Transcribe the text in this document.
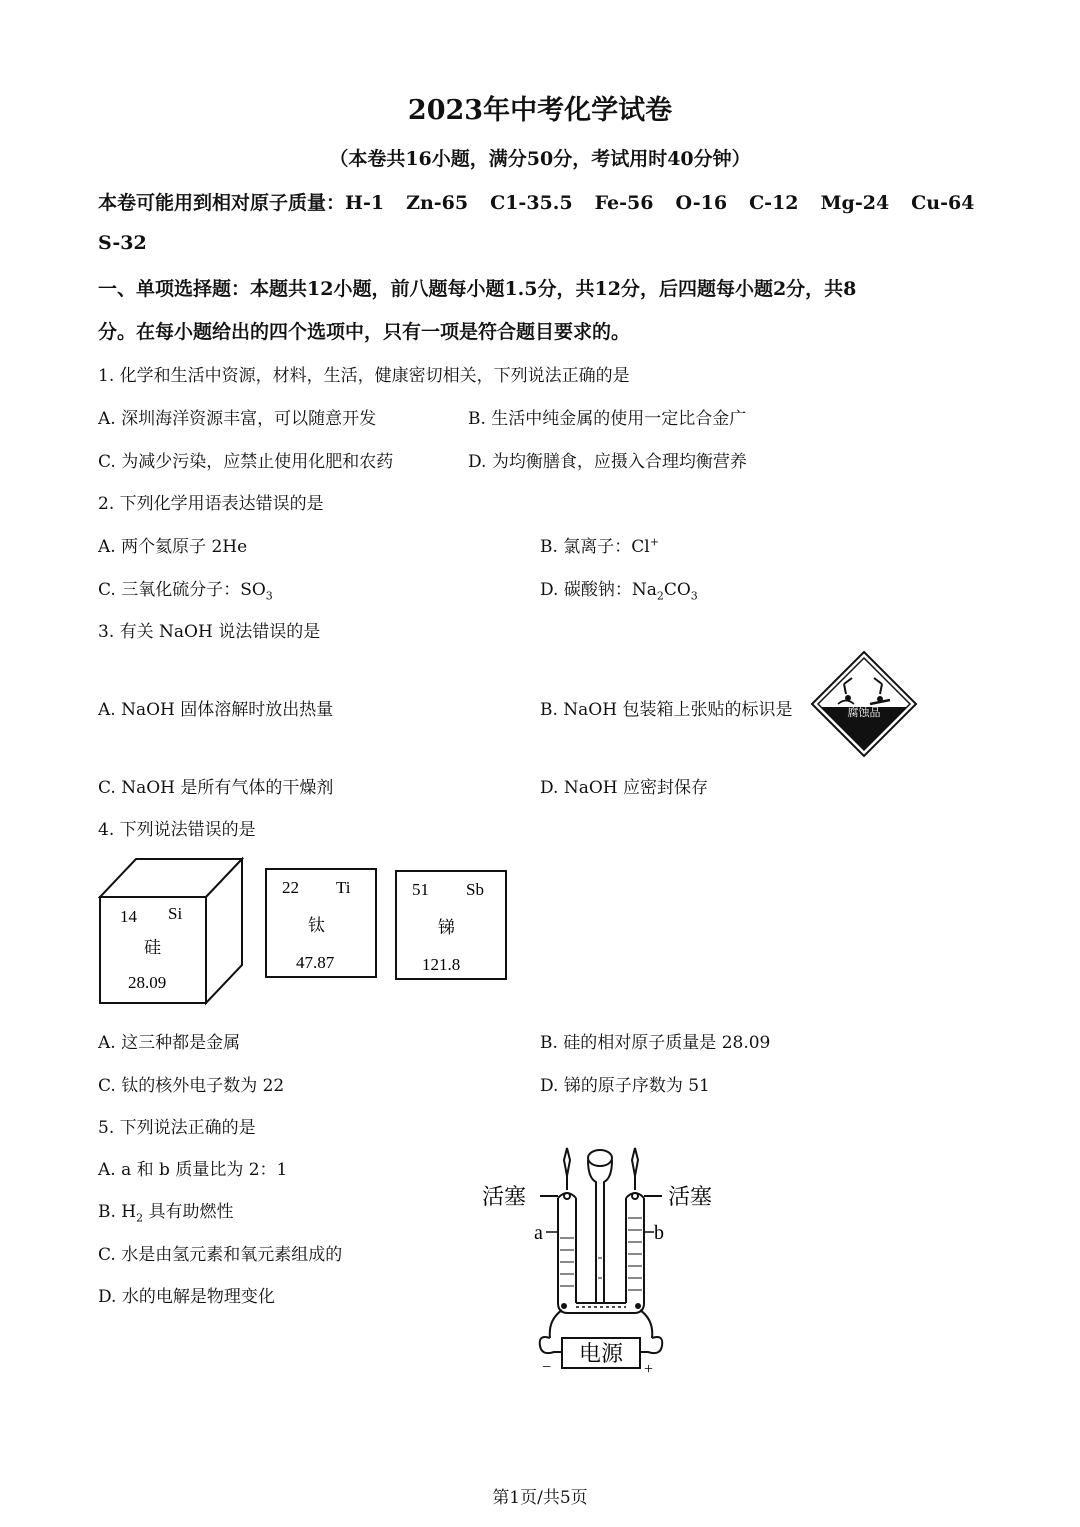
2023年中考化学试卷
（本卷共16小题，满分50分，考试用时40分钟）
本卷可能用到相对原子质量：H-1 Zn-65 C1-35.5 Fe-56 O-16 C-12 Mg-24 Cu-64
S-32
一、单项选择题：本题共12小题，前八题每小题1.5分，共12分，后四题每小题2分，共8
分。在每小题给出的四个选项中，只有一项是符合题目要求的。
1. 化学和生活中资源，材料，生活，健康密切相关，下列说法正确的是
A. 深圳海洋资源丰富，可以随意开发	B. 生活中纯金属的使用一定比合金广
C. 为减少污染，应禁止使用化肥和农药	D. 为均衡膳食，应摄入合理均衡营养
2. 下列化学用语表达错误的是
A. 两个氦原子 2He	B. 氯离子：Cl+
C. 三氧化硫分子：$SO_3$	D. 碳酸钠：$Na_2CO_3$
3. 有关 NaOH 说法错误的是
A. NaOH 固体溶解时放出热量	B. NaOH 包装箱上张贴的标识是	腐蚀品
C. NaOH 是所有气体的干燥剂	D. NaOH 应密封保存
4. 下列说法错误的是
14 Si
硅
28.09
22 Ti
钛
47.87
51 Sb
锑
121.8
A. 这三种都是金属	B. 硅的相对原子质量是 28.09
C. 钛的核外电子数为 22	D. 锑的原子序数为 51
5. 下列说法正确的是
A. a 和 b 质量比为 2：1
B. $H_2$ 具有助燃性
C. 水是由氢元素和氧元素组成的
D. 水的电解是物理变化
活塞	活塞
a	b
电源
−	+
第1页/共5页
